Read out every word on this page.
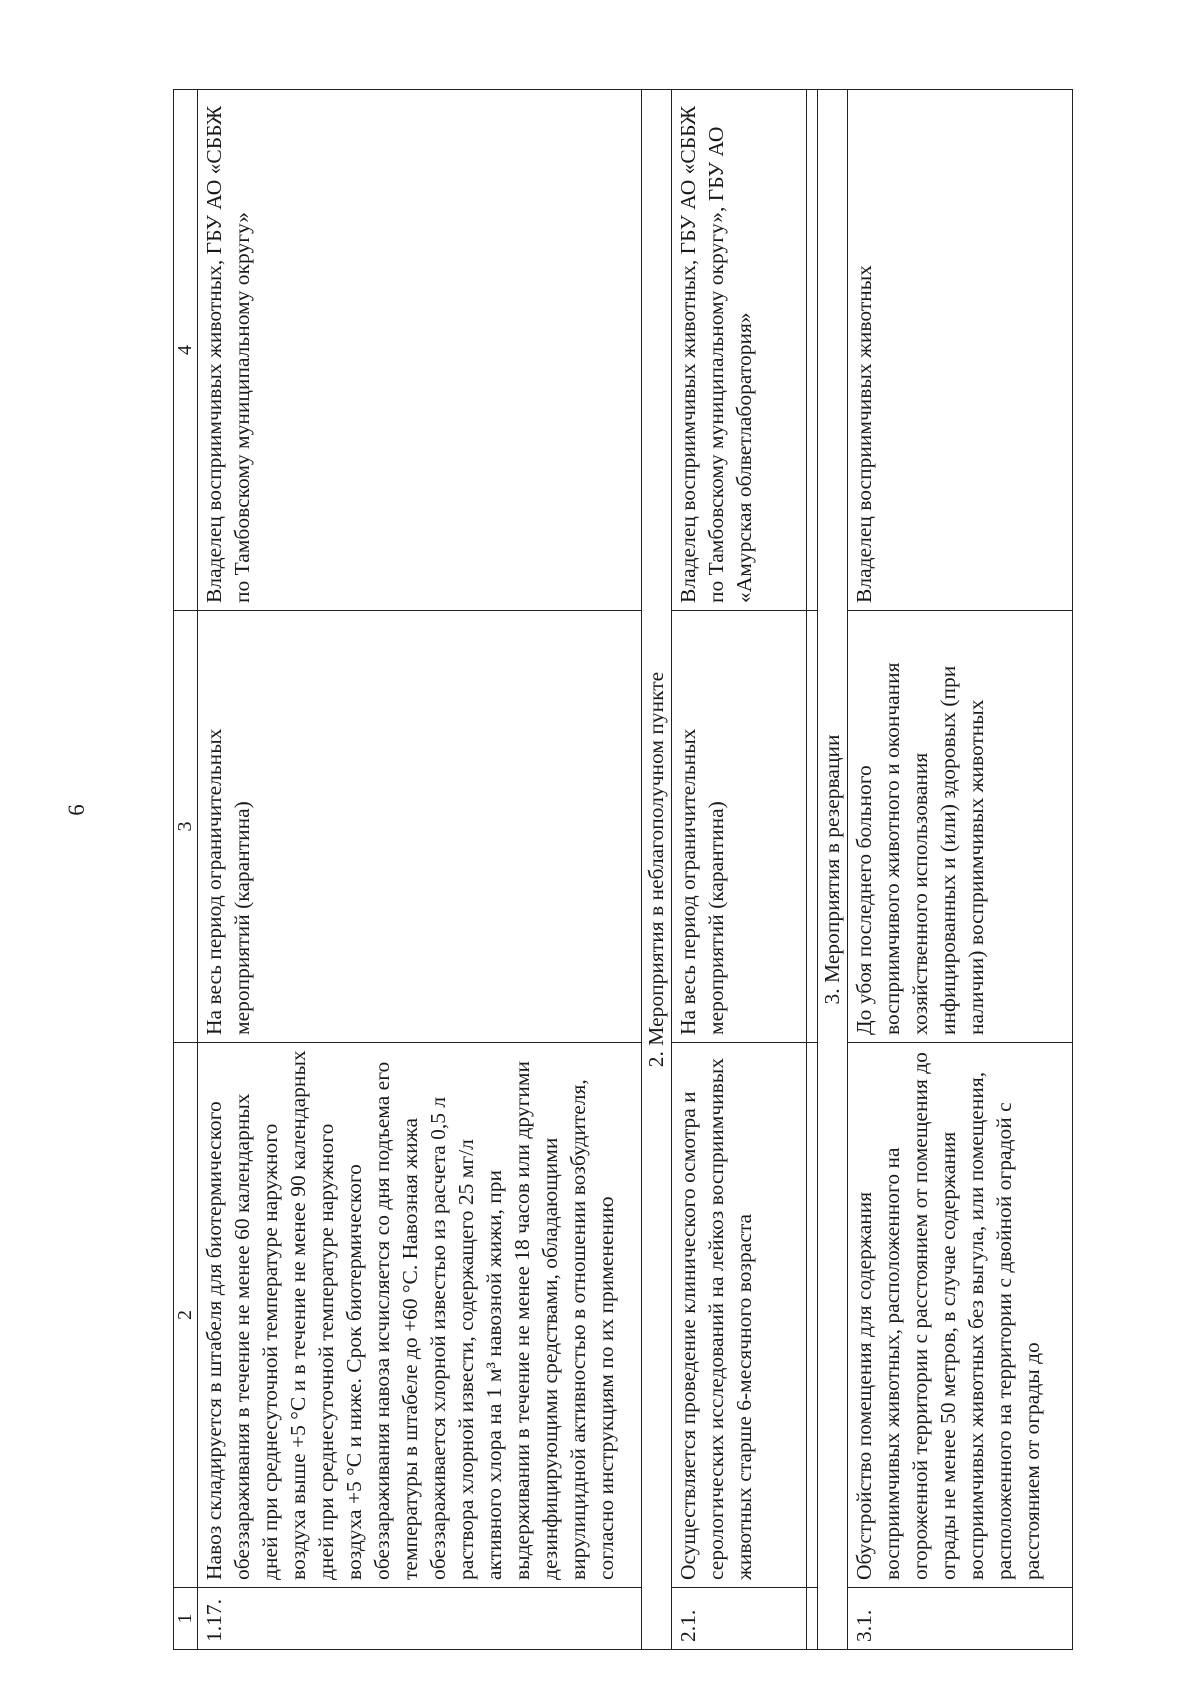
6
1	2	3	4
1.17.	Навоз складируется в штабеля для биотермического обеззараживания в течение не менее 60 календарных дней при среднесуточной температуре наружного воздуха выше +5 °С и в течение не менее 90 календарных дней при среднесуточной температуре наружного воздуха +5 °С и ниже. Срок биотермического обеззараживания навоза исчисляется со дня подъема его температуры в штабеле до +60 °С. Навозная жижа обеззараживается хлорной известью из расчета 0,5 л раствора хлорной извести, содержащего 25 мг/л активного хлора на 1 м³ навозной жижи, при выдерживании в течение не менее 18 часов или другими дезинфицирующими средствами, обладающими вирулицидной активностью в отношении возбудителя, согласно инструкциям по их применению	На весь период ограничительных мероприятий (карантина)	Владелец восприимчивых животных, ГБУ АО «СББЖ по Тамбовскому муниципальному округу»
2. Мероприятия в неблагополучном пункте			
2.1.	Осуществляется проведение клинического осмотра и серологических исследований на лейкоз восприимчивых животных старше 6-месячного возраста	На весь период ограничительных мероприятий (карантина)	Владелец восприимчивых животных, ГБУ АО «СББЖ по Тамбовскому муниципальному округу», ГБУ АО «Амурская облветлаборатория»

3. Мероприятия в резервации			
3.1.	Обустройство помещения для содержания восприимчивых животных, расположенного на огороженной территории с расстоянием от помещения до ограды не менее 50 метров, в случае содержания восприимчивых животных без выгула, или помещения, расположенного на территории с двойной оградой с расстоянием от ограды до	До убоя последнего больного восприимчивого животного и окончания хозяйственного использования инфицированных и (или) здоровых (при наличии) восприимчивых животных	Владелец восприимчивых животных
